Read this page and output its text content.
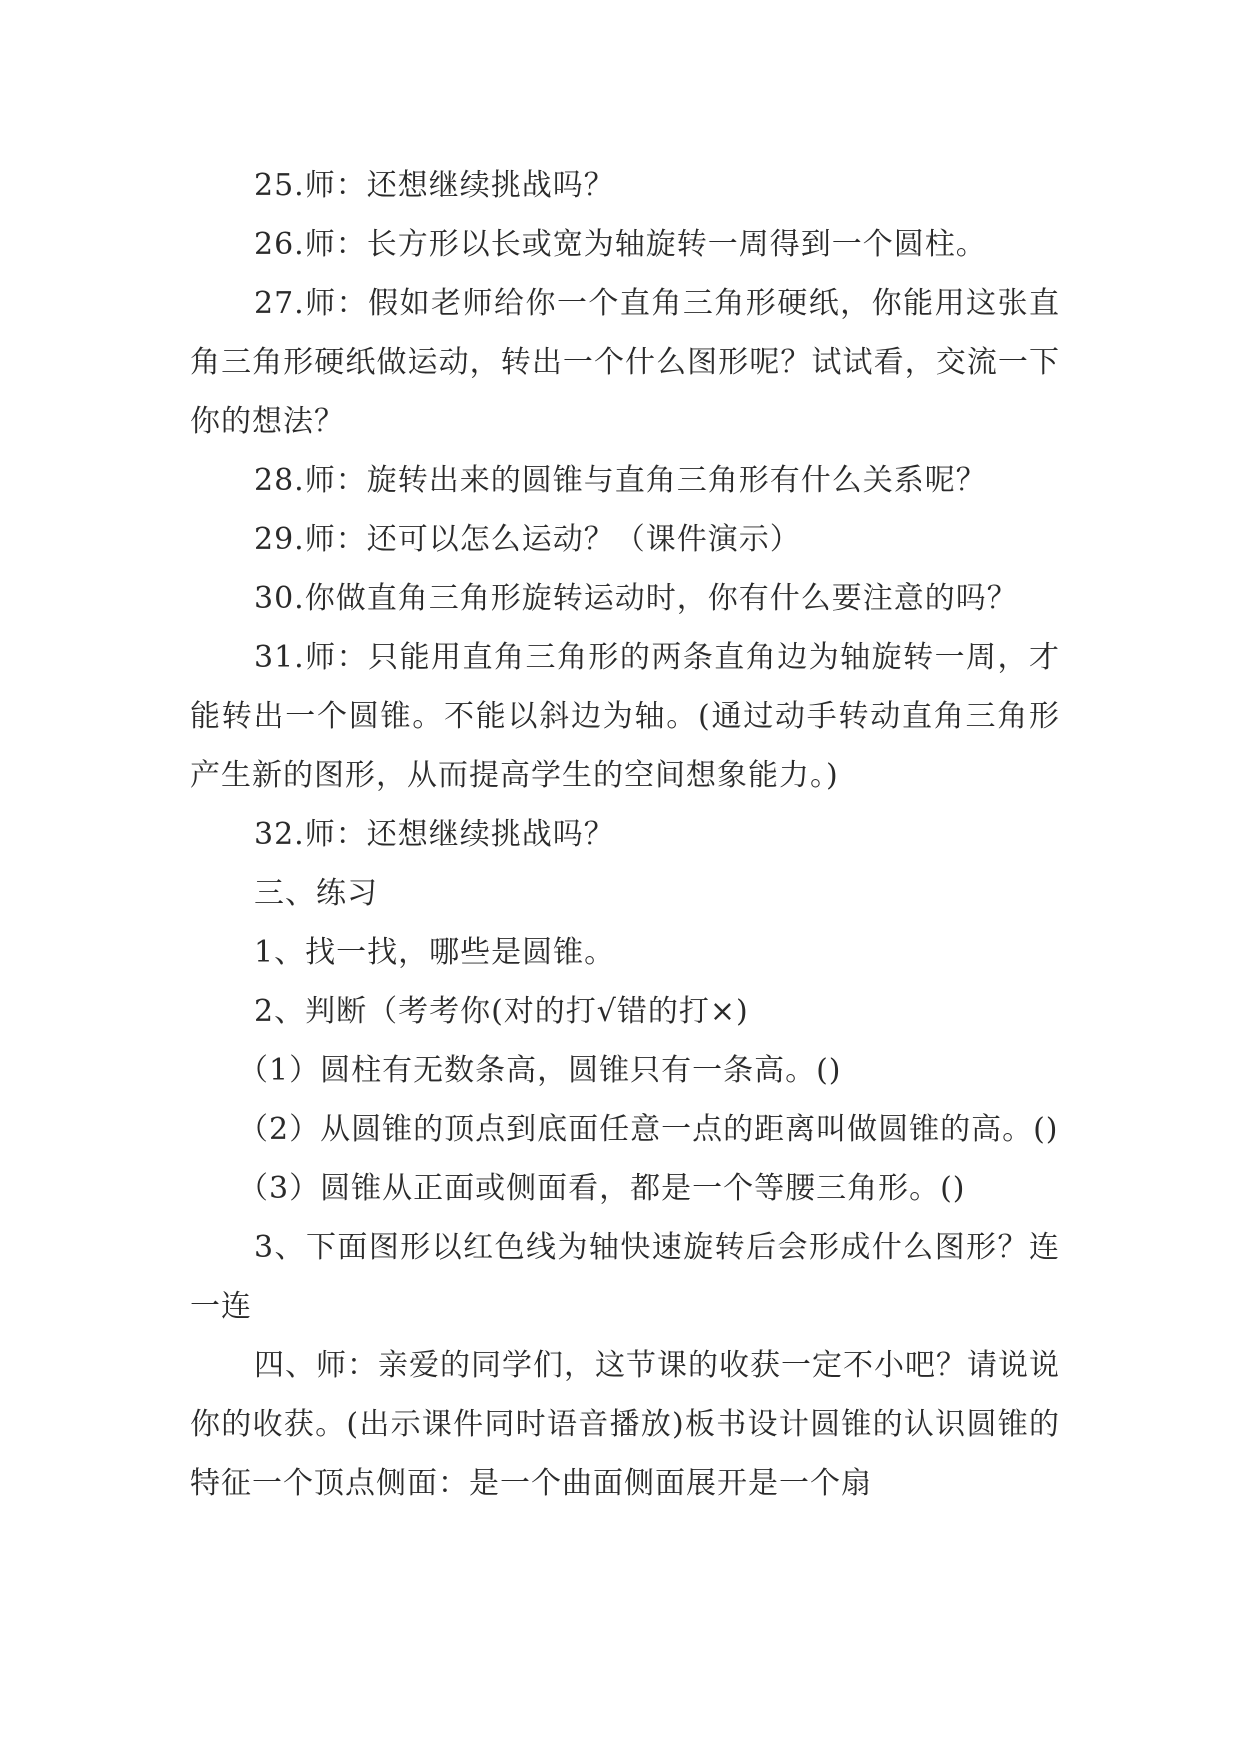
25.师：还想继续挑战吗？

26.师：长方形以长或宽为轴旋转一周得到一个圆柱。

27.师：假如老师给你一个直角三角形硬纸，你能用这张直角三角形硬纸做运动，转出一个什么图形呢？试试看，交流一下你的想法？

28.师：旋转出来的圆锥与直角三角形有什么关系呢？

29.师：还可以怎么运动？（课件演示）

30.你做直角三角形旋转运动时，你有什么要注意的吗？

31.师：只能用直角三角形的两条直角边为轴旋转一周，才能转出一个圆锥。不能以斜边为轴。(通过动手转动直角三角形产生新的图形，从而提高学生的空间想象能力。)

32.师：还想继续挑战吗？

三、练习

1、找一找，哪些是圆锥。

2、判断（考考你(对的打√错的打×)

（1）圆柱有无数条高，圆锥只有一条高。()

（2）从圆锥的顶点到底面任意一点的距离叫做圆锥的高。()

（3）圆锥从正面或侧面看，都是一个等腰三角形。()

3、下面图形以红色线为轴快速旋转后会形成什么图形？连一连

四、师：亲爱的同学们，这节课的收获一定不小吧？请说说你的收获。(出示课件同时语音播放)板书设计圆锥的认识圆锥的特征一个顶点侧面：是一个曲面侧面展开是一个扇
